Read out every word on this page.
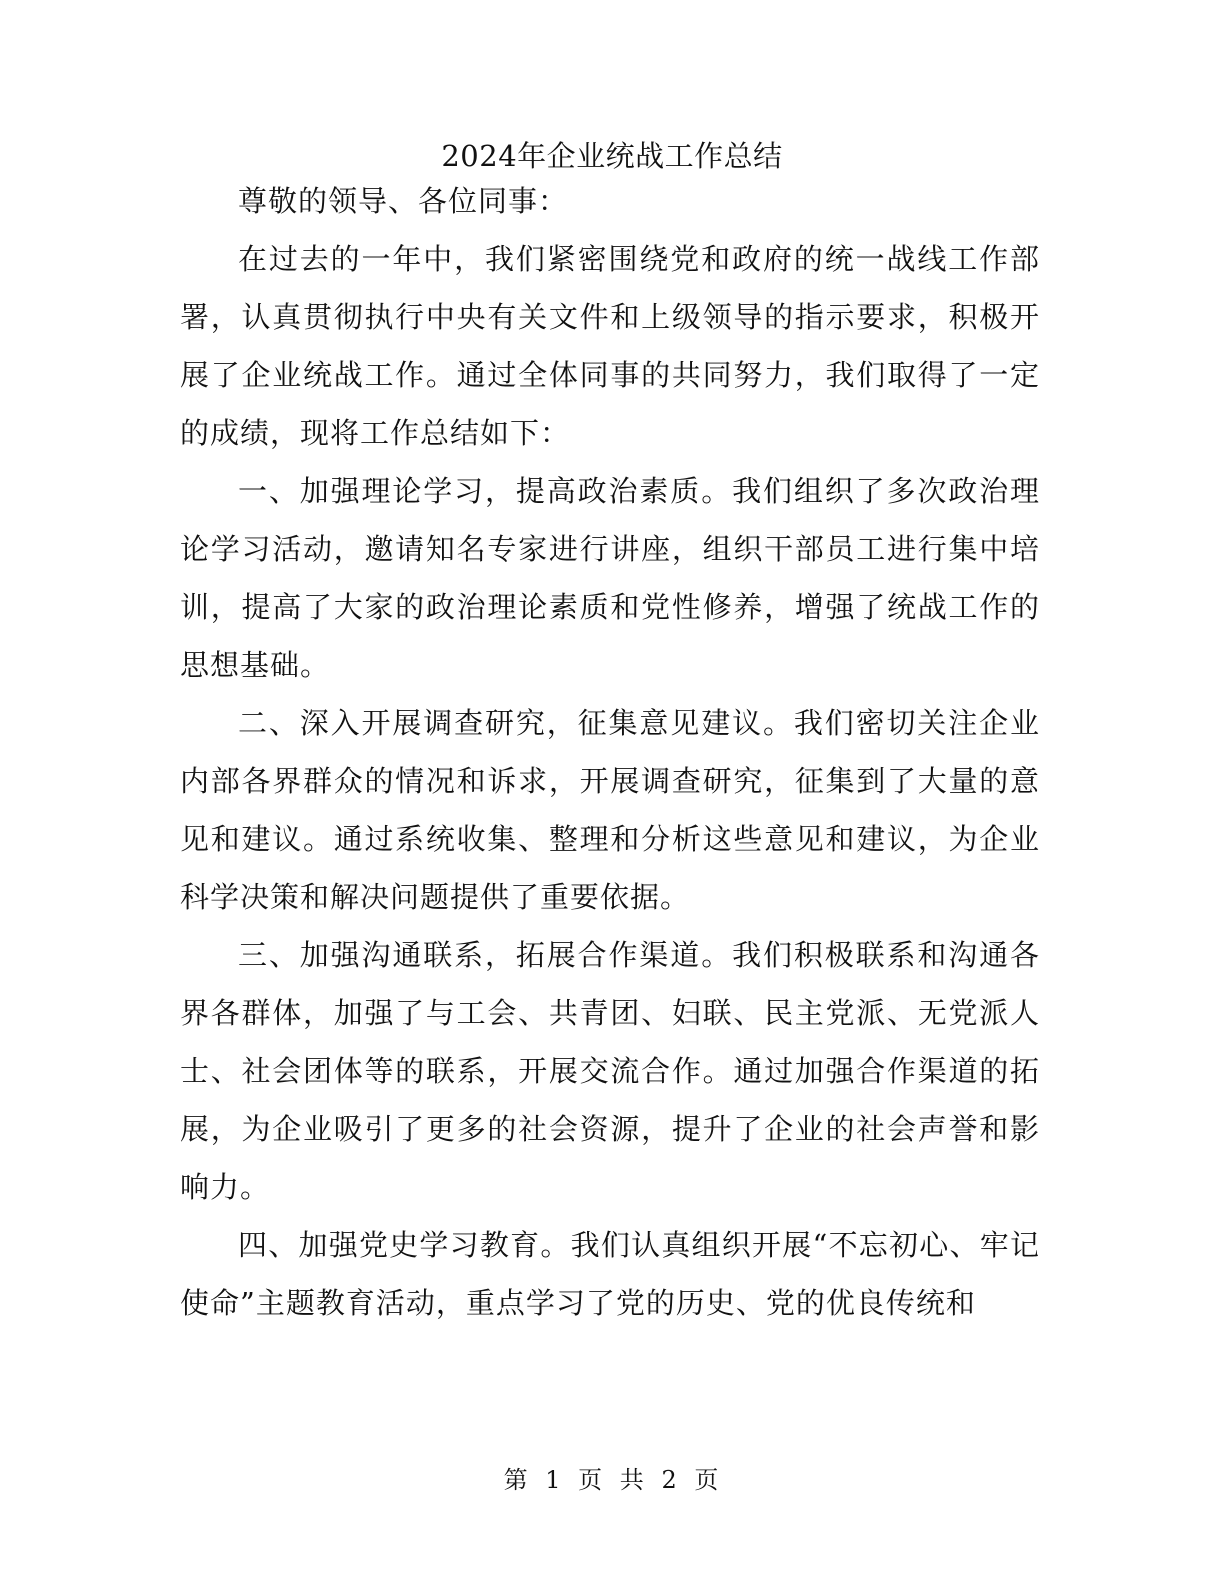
2024年企业统战工作总结

尊敬的领导、各位同事：

在过去的一年中，我们紧密围绕党和政府的统一战线工作部署，认真贯彻执行中央有关文件和上级领导的指示要求，积极开展了企业统战工作。通过全体同事的共同努力，我们取得了一定的成绩，现将工作总结如下：

一、加强理论学习，提高政治素质。我们组织了多次政治理论学习活动，邀请知名专家进行讲座，组织干部员工进行集中培训，提高了大家的政治理论素质和党性修养，增强了统战工作的思想基础。

二、深入开展调查研究，征集意见建议。我们密切关注企业内部各界群众的情况和诉求，开展调查研究，征集到了大量的意见和建议。通过系统收集、整理和分析这些意见和建议，为企业科学决策和解决问题提供了重要依据。

三、加强沟通联系，拓展合作渠道。我们积极联系和沟通各界各群体，加强了与工会、共青团、妇联、民主党派、无党派人士、社会团体等的联系，开展交流合作。通过加强合作渠道的拓展，为企业吸引了更多的社会资源，提升了企业的社会声誉和影响力。

四、加强党史学习教育。我们认真组织开展“不忘初心、牢记使命”主题教育活动，重点学习了党的历史、党的优良传统和

第 1 页 共 2 页
